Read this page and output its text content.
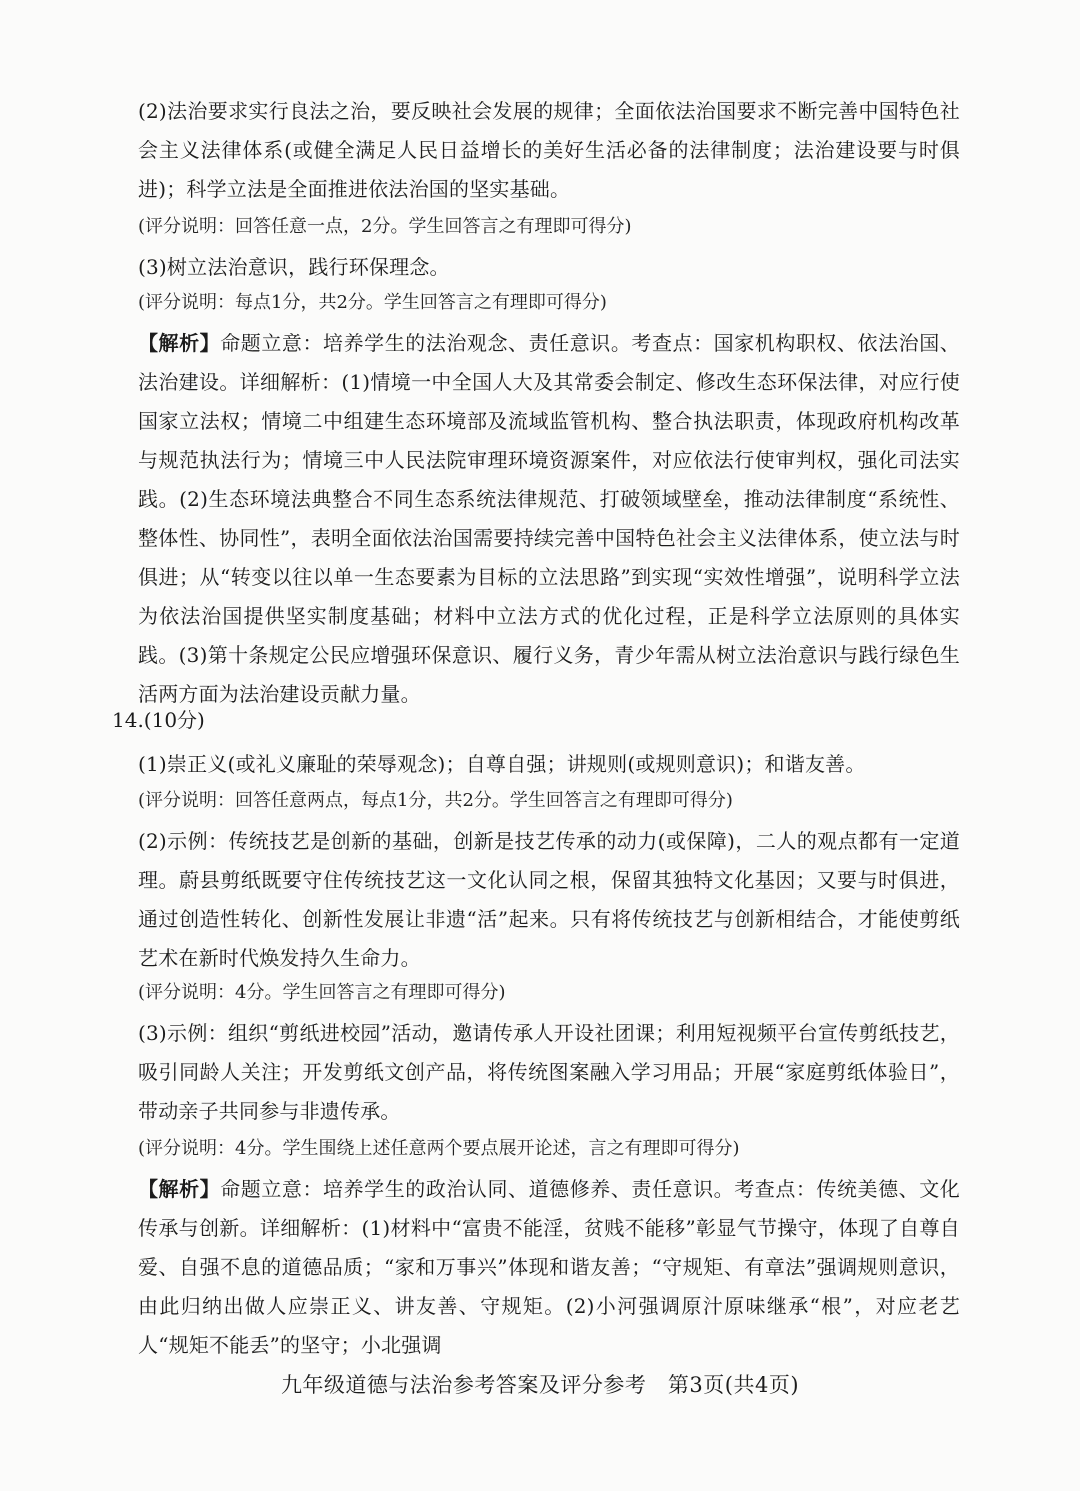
(2)法治要求实行良法之治，要反映社会发展的规律；全面依法治国要求不断完善中国特色社会主义法律体系(或健全满足人民日益增长的美好生活必备的法律制度；法治建设要与时俱进)；科学立法是全面推进依法治国的坚实基础。

(评分说明：回答任意一点，2分。学生回答言之有理即可得分)

(3)树立法治意识，践行环保理念。

(评分说明：每点1分，共2分。学生回答言之有理即可得分)

【解析】命题立意：培养学生的法治观念、责任意识。考查点：国家机构职权、依法治国、法治建设。详细解析：(1)情境一中全国人大及其常委会制定、修改生态环保法律，对应行使国家立法权；情境二中组建生态环境部及流域监管机构、整合执法职责，体现政府机构改革与规范执法行为；情境三中人民法院审理环境资源案件，对应依法行使审判权，强化司法实践。(2)生态环境法典整合不同生态系统法律规范、打破领域壁垒，推动法律制度“系统性、整体性、协同性”，表明全面依法治国需要持续完善中国特色社会主义法律体系，使立法与时俱进；从“转变以往以单一生态要素为目标的立法思路”到实现“实效性增强”，说明科学立法为依法治国提供坚实制度基础；材料中立法方式的优化过程，正是科学立法原则的具体实践。(3)第十条规定公民应增强环保意识、履行义务，青少年需从树立法治意识与践行绿色生活两方面为法治建设贡献力量。

14.(10分)

(1)崇正义(或礼义廉耻的荣辱观念)；自尊自强；讲规则(或规则意识)；和谐友善。

(评分说明：回答任意两点，每点1分，共2分。学生回答言之有理即可得分)

(2)示例：传统技艺是创新的基础，创新是技艺传承的动力(或保障)，二人的观点都有一定道理。蔚县剪纸既要守住传统技艺这一文化认同之根，保留其独特文化基因；又要与时俱进，通过创造性转化、创新性发展让非遗“活”起来。只有将传统技艺与创新相结合，才能使剪纸艺术在新时代焕发持久生命力。

(评分说明：4分。学生回答言之有理即可得分)

(3)示例：组织“剪纸进校园”活动，邀请传承人开设社团课；利用短视频平台宣传剪纸技艺，吸引同龄人关注；开发剪纸文创产品，将传统图案融入学习用品；开展“家庭剪纸体验日”，带动亲子共同参与非遗传承。

(评分说明：4分。学生围绕上述任意两个要点展开论述，言之有理即可得分)

【解析】命题立意：培养学生的政治认同、道德修养、责任意识。考查点：传统美德、文化传承与创新。详细解析：(1)材料中“富贵不能淫，贫贱不能移”彰显气节操守，体现了自尊自爱、自强不息的道德品质；“家和万事兴”体现和谐友善；“守规矩、有章法”强调规则意识，由此归纳出做人应崇正义、讲友善、守规矩。(2)小河强调原汁原味继承“根”，对应老艺人“规矩不能丢”的坚守；小北强调

九年级道德与法治参考答案及评分参考　第3页(共4页)
